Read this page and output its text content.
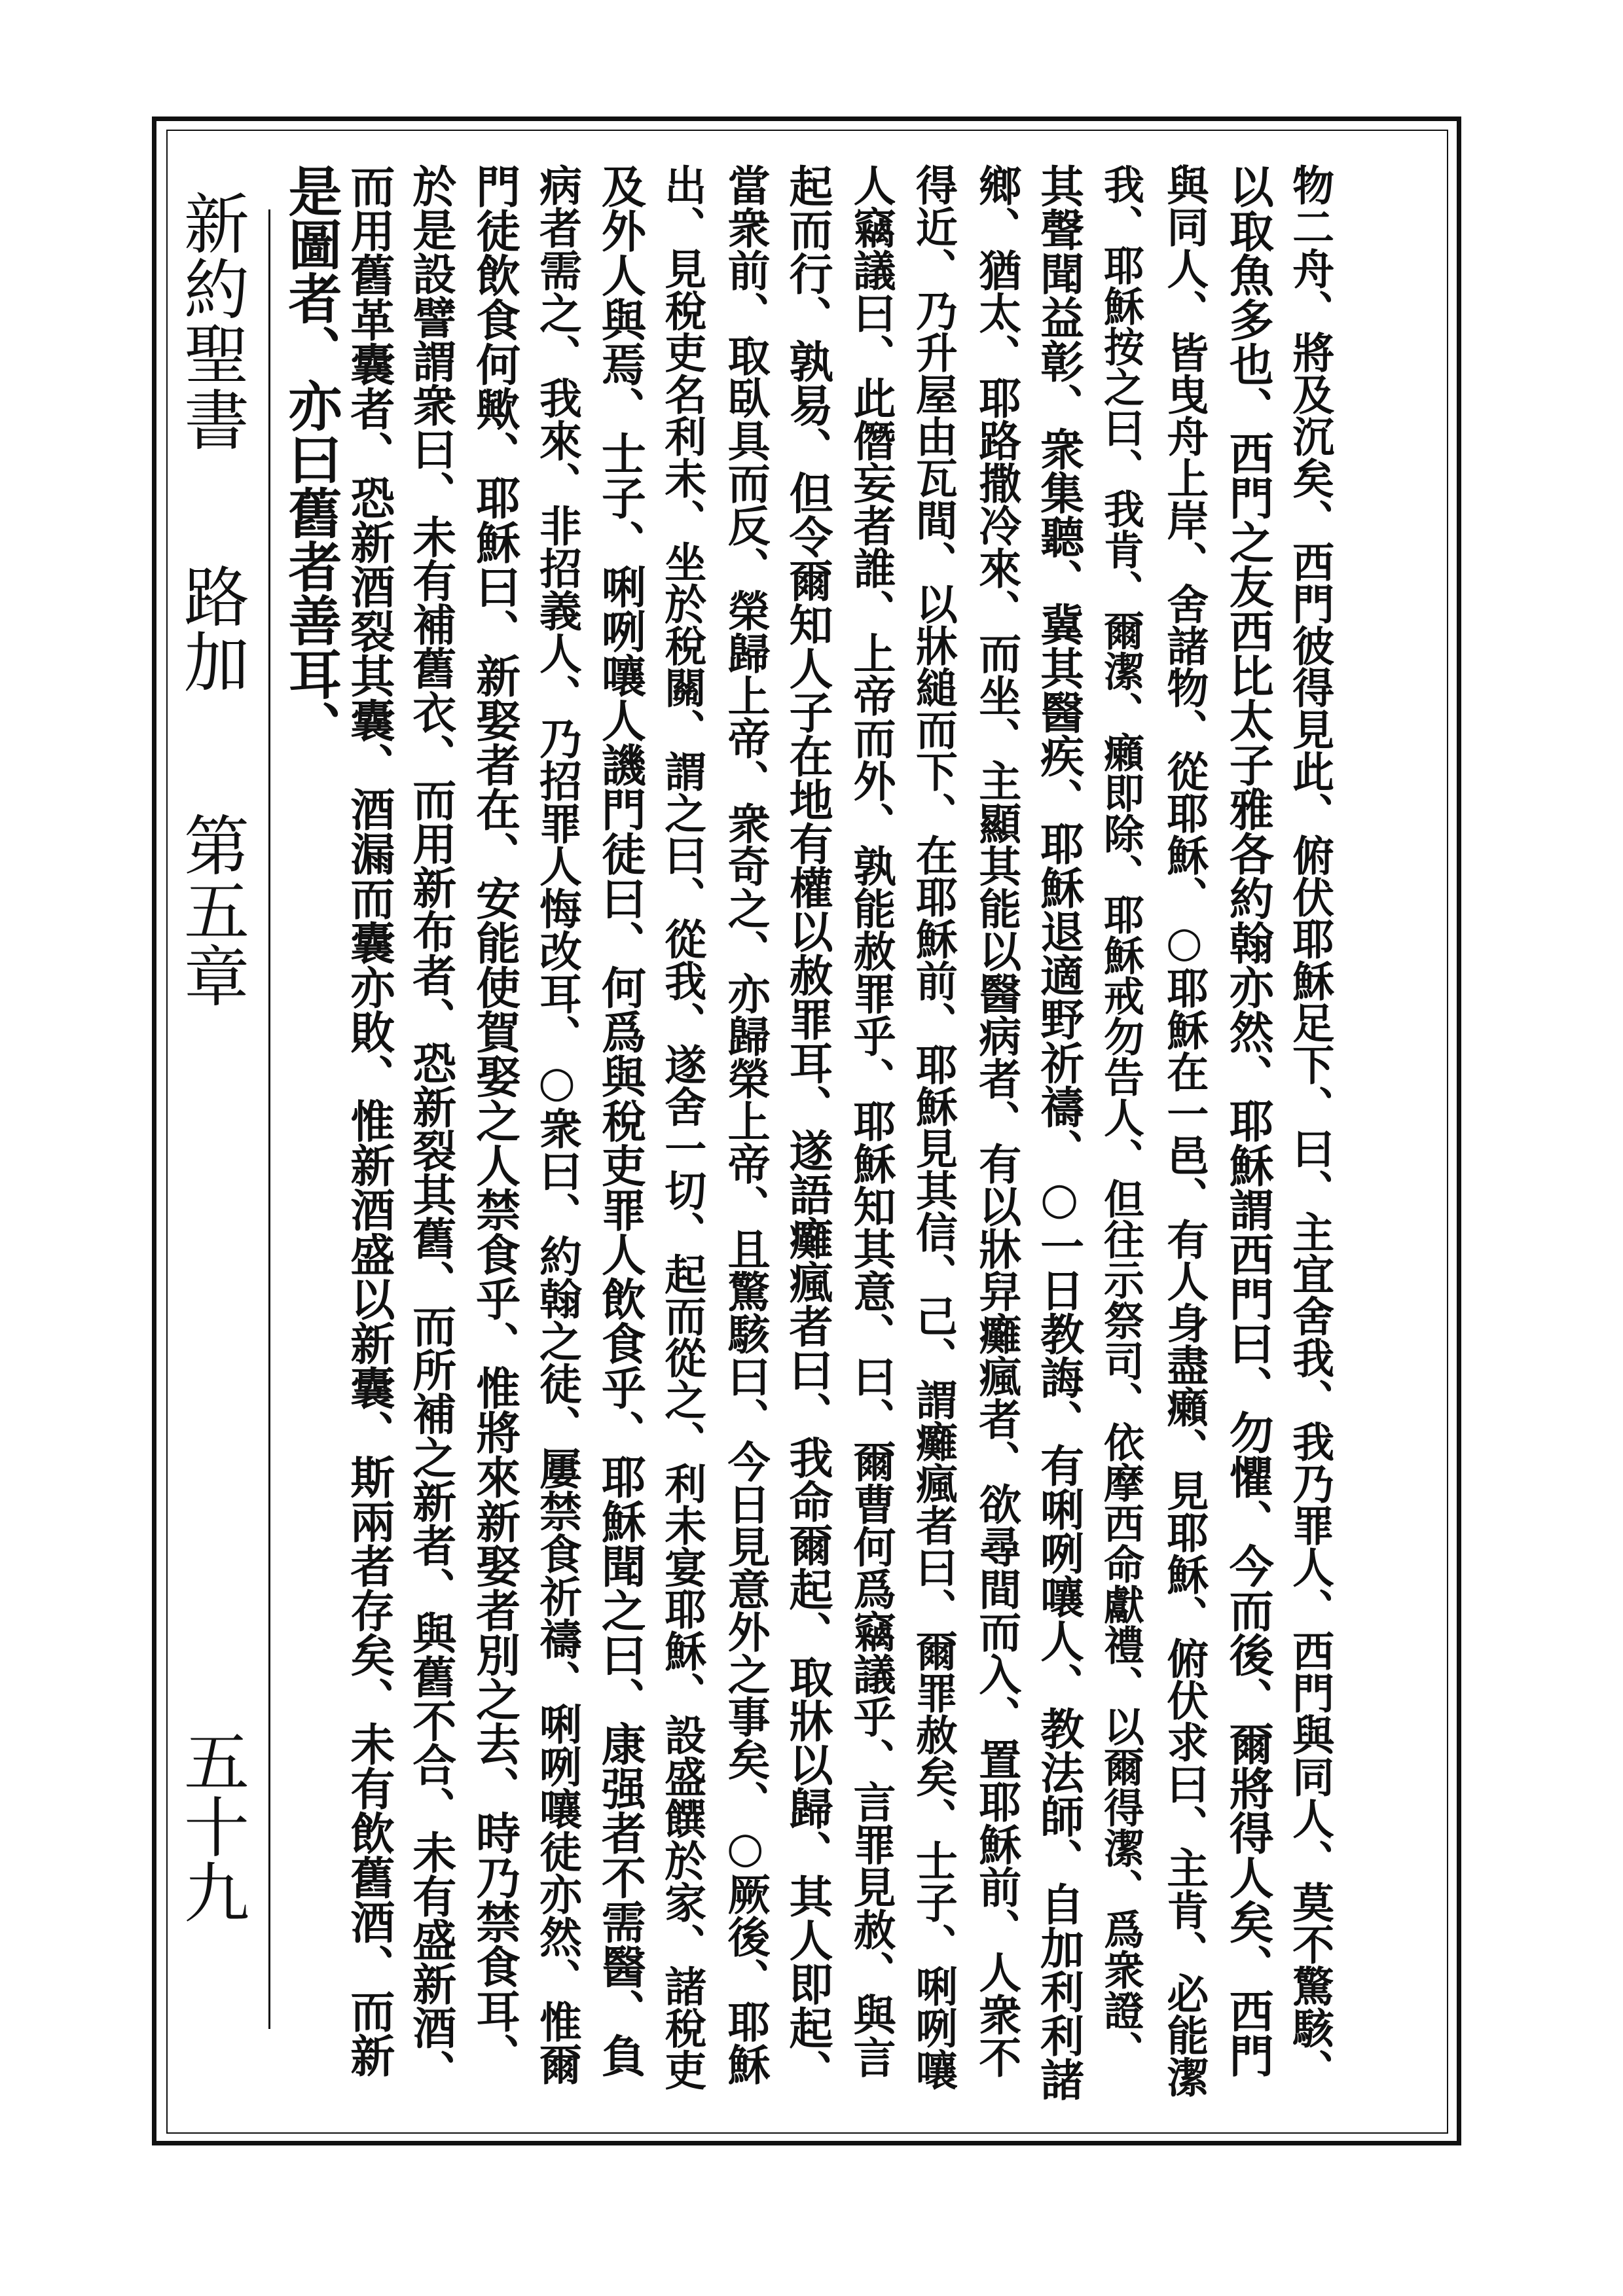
新約聖書
路加
第五章
五十九	物二舟、將及沉矣、西門彼得見此、俯伏耶穌足下、曰、主宜舍我、我乃罪人、西門與同人、莫不驚駭、
以取魚多也、西門之友西比太子雅各約翰亦然、耶穌謂西門曰、勿懼、今而後、爾將得人矣、西門
與同人、皆曳舟上岸、舍諸物、從耶穌、○耶穌在一邑、有人身盡癩、見耶穌、俯伏求曰、主肯、必能潔
我、耶穌按之曰、我肯、爾潔、癩即除、耶穌戒勿告人、但往示祭司、依摩西命獻禮、以爾得潔、爲衆證、
其聲聞益彰、衆集聽、冀其醫疾、耶穌退適野祈禱、○一日教誨、有唎咧嚷人、教法師、自加利利諸
鄉、猶太、耶路撒冷來、而坐、主顯其能以醫病者、有以牀舁癱瘋者、欲尋間而入、置耶穌前、人衆不
得近、乃升屋由瓦間、以牀縋而下、在耶穌前、耶穌見其信、己、謂癱瘋者曰、爾罪赦矣、士子、唎咧嚷
人竊議曰、此僭妄者誰、上帝而外、孰能赦罪乎、耶穌知其意、曰、爾曹何爲竊議乎、言罪見赦、與言
起而行、孰易、但令爾知人子在地有權以赦罪耳、遂語癱瘋者曰、我命爾起、取牀以歸、其人即起、
當衆前、取臥具而反、榮歸上帝、衆奇之、亦歸榮上帝、且驚駭曰、今日見意外之事矣、○厥後、耶穌
出、見稅吏名利未、坐於稅關、謂之曰、從我、遂舍一切、起而從之、利未宴耶穌、設盛饌於家、諸稅吏
及外人與焉、士子、唎咧嚷人譏門徒曰、何爲與稅吏罪人飲食乎、耶穌聞之曰、康强者不需醫、負
病者需之、我來、非招義人、乃招罪人悔改耳、○衆曰、約翰之徒、屢禁食祈禱、唎咧嚷徒亦然、惟爾
門徒飲食何歟、耶穌曰、新娶者在、安能使賀娶之人禁食乎、惟將來新娶者別之去、時乃禁食耳、
於是設譬謂衆曰、未有補舊衣、而用新布者、恐新裂其舊、而所補之新者、與舊不合、未有盛新酒、
而用舊革囊者、恐新酒裂其囊、酒漏而囊亦敗、惟新酒盛以新囊、斯兩者存矣、未有飲舊酒、而新
是圖者、亦曰舊者善耳、
